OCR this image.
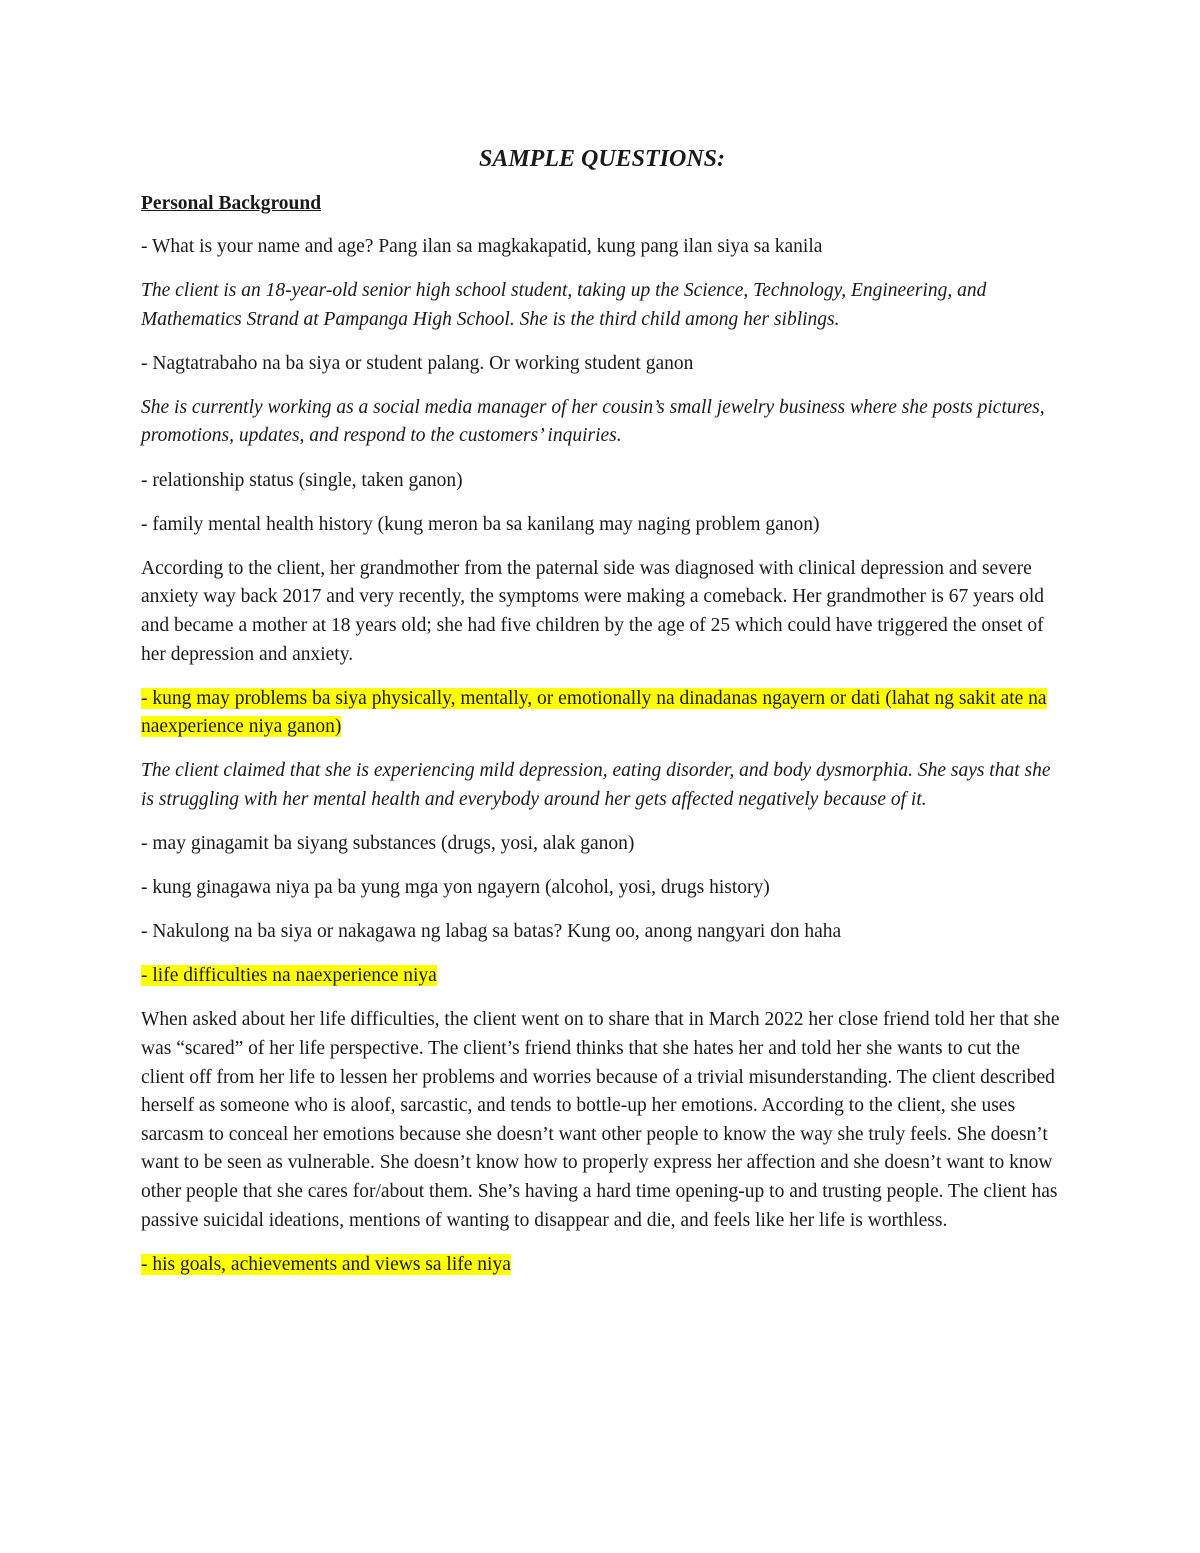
SAMPLE QUESTIONS:
Personal Background

- What is your name and age? Pang ilan sa magkakapatid, kung pang ilan siya sa kanila

The client is an 18-year-old senior high school student, taking up the Science, Technology, Engineering, and Mathematics Strand at Pampanga High School. She is the third child among her siblings.

- Nagtatrabaho na ba siya or student palang. Or working student ganon

She is currently working as a social media manager of her cousin’s small jewelry business where she posts pictures, promotions, updates, and respond to the customers’ inquiries.

- relationship status (single, taken ganon)

- family mental health history (kung meron ba sa kanilang may naging problem ganon)

According to the client, her grandmother from the paternal side was diagnosed with clinical depression and severe anxiety way back 2017 and very recently, the symptoms were making a comeback. Her grandmother is 67 years old and became a mother at 18 years old; she had five children by the age of 25 which could have triggered the onset of her depression and anxiety.

- kung may problems ba siya physically, mentally, or emotionally na dinadanas ngayern or dati (lahat ng sakit ate na naexperience niya ganon)

The client claimed that she is experiencing mild depression, eating disorder, and body dysmorphia. She says that she is struggling with her mental health and everybody around her gets affected negatively because of it.

- may ginagamit ba siyang substances (drugs, yosi, alak ganon)

- kung ginagawa niya pa ba yung mga yon ngayern (alcohol, yosi, drugs history)

- Nakulong na ba siya or nakagawa ng labag sa batas? Kung oo, anong nangyari don haha

- life difficulties na naexperience niya

When asked about her life difficulties, the client went on to share that in March 2022 her close friend told her that she was “scared” of her life perspective. The client’s friend thinks that she hates her and told her she wants to cut the client off from her life to lessen her problems and worries because of a trivial misunderstanding. The client described herself as someone who is aloof, sarcastic, and tends to bottle-up her emotions. According to the client, she uses sarcasm to conceal her emotions because she doesn’t want other people to know the way she truly feels. She doesn’t want to be seen as vulnerable. She doesn’t know how to properly express her affection and she doesn’t want to know other people that she cares for/about them. She’s having a hard time opening-up to and trusting people. The client has passive suicidal ideations, mentions of wanting to disappear and die, and feels like her life is worthless.

- his goals, achievements and views sa life niya
